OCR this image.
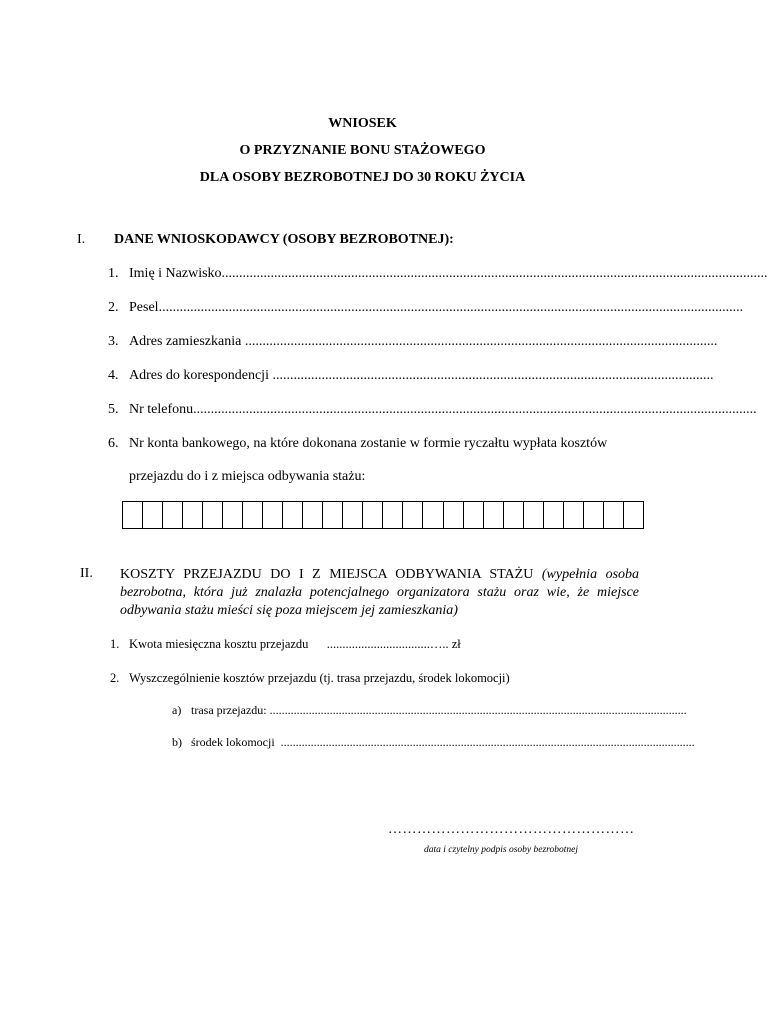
WNIOSEK
O PRZYZNANIE BONU STAŻOWEGO
DLA OSOBY BEZROBOTNEJ DO 30 ROKU ŻYCIA
I. DANE WNIOSKODAWCY (OSOBY BEZROBOTNEJ):
1. Imię i Nazwisko ............................................................................................................................................................
2. Pesel .......................................................................................................................................................................
3. Adres zamieszkania .......................................................................................................................................
4. Adres do korespondencji ..............................................................................................................................
5. Nr telefonu .................................................................................................................................................................
6. Nr konta bankowego, na które dokonana zostanie w formie ryczałtu wypłata kosztów
przejazdu do i z miejsca odbywania stażu:
II. KOSZTY PRZEJAZDU DO I Z MIEJSCA ODBYWANIA STAŻU (wypełnia osoba bezrobotna, która już znalazła potencjalnego organizatora stażu oraz wie, że miejsce odbywania stażu mieści się poza miejscem jej zamieszkania)
1. Kwota miesięczna kosztu przejazdu .................................….. zł
2. Wyszczególnienie kosztów przejazdu (tj. trasa przejazdu, środek lokomocji)
a) trasa przejazdu: ...........................................................................................................................................
b) środek lokomocji ..........................................................................................................................................
……………………………………………
data i czytelny podpis osoby bezrobotnej
